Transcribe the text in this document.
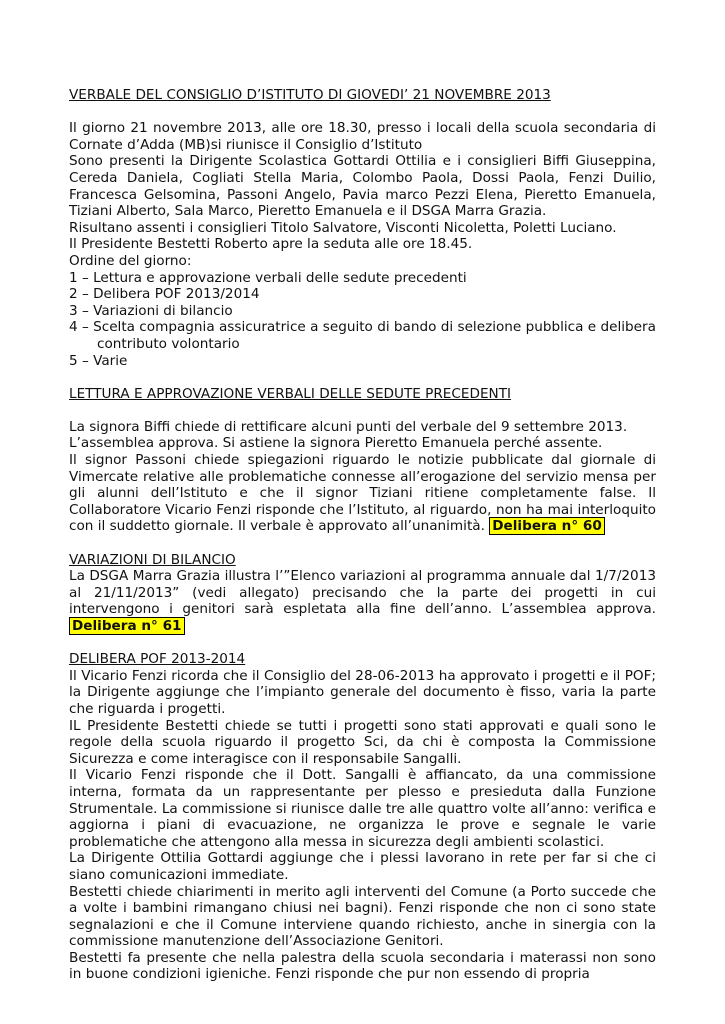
VERBALE DEL CONSIGLIO D’ISTITUTO DI GIOVEDI’ 21 NOVEMBRE 2013

Il giorno 21 novembre 2013, alle ore 18.30, presso i locali della scuola secondaria di Cornate d’Adda (MB)si riunisce il Consiglio d’Istituto

Sono presenti la Dirigente Scolastica Gottardi Ottilia e i consiglieri Biffi Giuseppina, Cereda Daniela, Cogliati Stella Maria, Colombo Paola, Dossi Paola, Fenzi Duilio, Francesca Gelsomina, Passoni Angelo, Pavia marco Pezzi Elena, Pieretto Emanuela, Tiziani Alberto, Sala Marco, Pieretto Emanuela e il DSGA Marra Grazia.

Risultano assenti i consiglieri Titolo Salvatore, Visconti Nicoletta, Poletti Luciano.

Il Presidente Bestetti Roberto apre la seduta alle ore 18.45.

Ordine del giorno:

1 – Lettura e approvazione verbali delle sedute precedenti

2 – Delibera POF 2013/2014

3 – Variazioni di bilancio

4 – Scelta compagnia assicuratrice a seguito di bando di selezione pubblica e delibera

contributo volontario

5 – Varie

LETTURA E APPROVAZIONE VERBALI DELLE SEDUTE PRECEDENTI

La signora Biffi chiede di rettificare alcuni punti del verbale del 9 settembre 2013.

L’assemblea approva. Si astiene la signora Pieretto Emanuela perché assente.

Il signor Passoni chiede spiegazioni riguardo le notizie pubblicate dal giornale di Vimercate relative alle problematiche connesse all’erogazione del servizio mensa per gli alunni dell’Istituto e che il signor Tiziani ritiene completamente false. Il Collaboratore Vicario Fenzi risponde che l’Istituto, al riguardo, non ha mai interloquito con il suddetto giornale. Il verbale è approvato all’unanimità. Delibera n° 60

VARIAZIONI DI BILANCIO

La DSGA Marra Grazia illustra l’”Elenco variazioni al programma annuale dal 1/7/2013 al 21/11/2013” (vedi allegato) precisando che la parte dei progetti in cui intervengono i genitori sarà espletata alla fine dell’anno. L’assemblea approva. Delibera n° 61

DELIBERA POF 2013-2014

Il Vicario Fenzi ricorda che il Consiglio del 28-06-2013 ha approvato i progetti e il POF; la Dirigente aggiunge che l’impianto generale del documento è fisso, varia la parte che riguarda i progetti.

IL Presidente Bestetti chiede se tutti i progetti sono stati approvati e quali sono le regole della scuola riguardo il progetto Sci, da chi è composta la Commissione Sicurezza e come interagisce con il responsabile Sangalli.

Il Vicario Fenzi risponde che il Dott. Sangalli è affiancato, da una commissione interna, formata da un rappresentante per plesso e presieduta dalla Funzione Strumentale. La commissione si riunisce dalle tre alle quattro volte all’anno: verifica e aggiorna i piani di evacuazione, ne organizza le prove e segnale le varie problematiche che attengono alla messa in sicurezza degli ambienti scolastici.

La Dirigente Ottilia Gottardi aggiunge che i plessi lavorano in rete per far si che ci siano comunicazioni immediate.

Bestetti chiede chiarimenti in merito agli interventi del Comune (a Porto succede che a volte i bambini rimangano chiusi nei bagni). Fenzi risponde che non ci sono state segnalazioni e che il Comune interviene quando richiesto, anche in sinergia con la commissione manutenzione dell’Associazione Genitori.

Bestetti fa presente che nella palestra della scuola secondaria i materassi non sono in buone condizioni igieniche. Fenzi risponde che pur non essendo di propria
